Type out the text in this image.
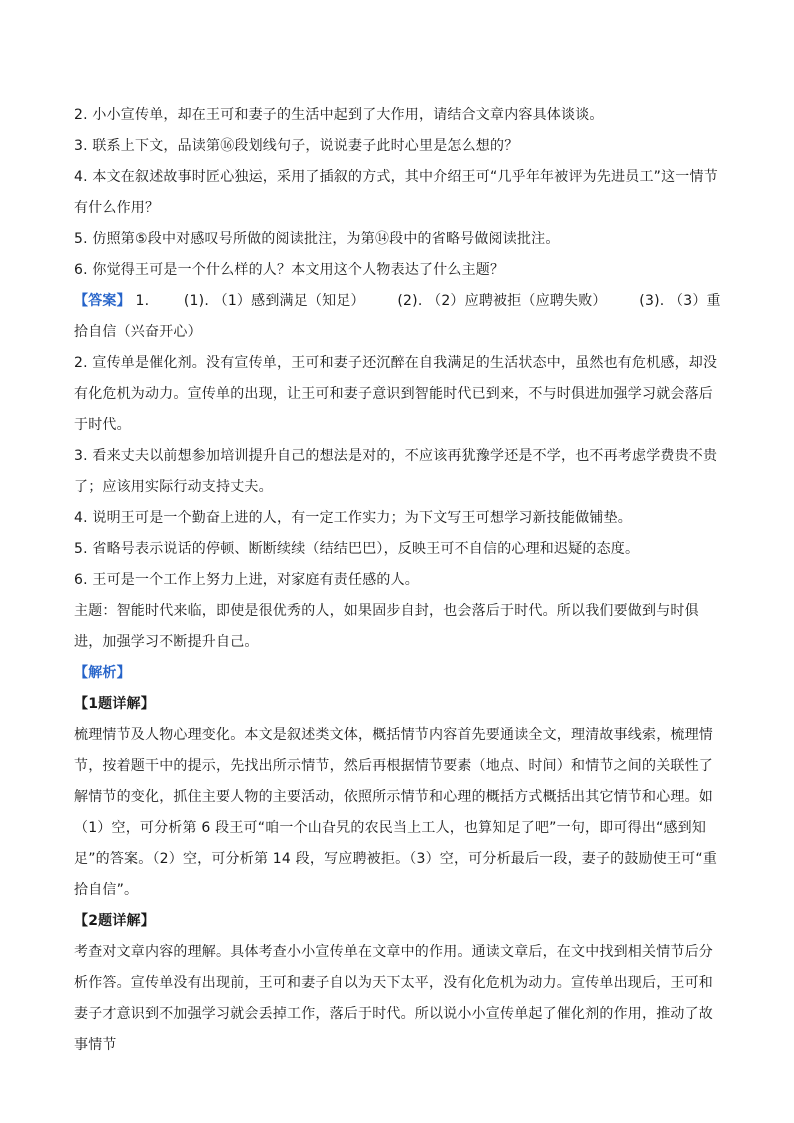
2. 小小宣传单，却在王可和妻子的生活中起到了大作用，请结合文章内容具体谈谈。

3. 联系上下文，品读第⑯段划线句子，说说妻子此时心里是怎么想的？

4. 本文在叙述故事时匠心独运，采用了插叙的方式，其中介绍王可“几乎年年被评为先进员工”这一情节有什么作用？

5. 仿照第⑤段中对感叹号所做的阅读批注，为第⑭段中的省略号做阅读批注。

6. 你觉得王可是一个什么样的人？本文用这个人物表达了什么主题？

【答案】 1. (1). （1）感到满足（知足） (2). （2）应聘被拒（应聘失败） (3). （3）重拾自信（兴奋开心）

2. 宣传单是催化剂。没有宣传单，王可和妻子还沉醉在自我满足的生活状态中，虽然也有危机感，却没有化危机为动力。宣传单的出现，让王可和妻子意识到智能时代已到来，不与时俱进加强学习就会落后于时代。

3. 看来丈夫以前想参加培训提升自己的想法是对的，不应该再犹豫学还是不学，也不再考虑学费贵不贵了；应该用实际行动支持丈夫。

4. 说明王可是一个勤奋上进的人，有一定工作实力；为下文写王可想学习新技能做铺垫。

5. 省略号表示说话的停顿、断断续续（结结巴巴），反映王可不自信的心理和迟疑的态度。

6. 王可是一个工作上努力上进，对家庭有责任感的人。

主题：智能时代来临，即使是很优秀的人，如果固步自封，也会落后于时代。所以我们要做到与时俱进，加强学习不断提升自己。

【解析】

【1题详解】

梳理情节及人物心理变化。本文是叙述类文体，概括情节内容首先要通读全文，理清故事线索，梳理情节，按着题干中的提示，先找出所示情节，然后再根据情节要素（地点、时间）和情节之间的关联性了解情节的变化，抓住主要人物的主要活动，依照所示情节和心理的概括方式概括出其它情节和心理。如（1）空，可分析第 6 段王可“咱一个山旮旯的农民当上工人，也算知足了吧”一句，即可得出“感到知足”的答案。（2）空，可分析第 14 段，写应聘被拒。（3）空，可分析最后一段，妻子的鼓励使王可“重拾自信”。

【2题详解】

考查对文章内容的理解。具体考查小小宣传单在文章中的作用。通读文章后，在文中找到相关情节后分析作答。宣传单没有出现前，王可和妻子自以为天下太平，没有化危机为动力。宣传单出现后，王可和妻子才意识到不加强学习就会丢掉工作，落后于时代。所以说小小宣传单起了催化剂的作用，推动了故事情节
